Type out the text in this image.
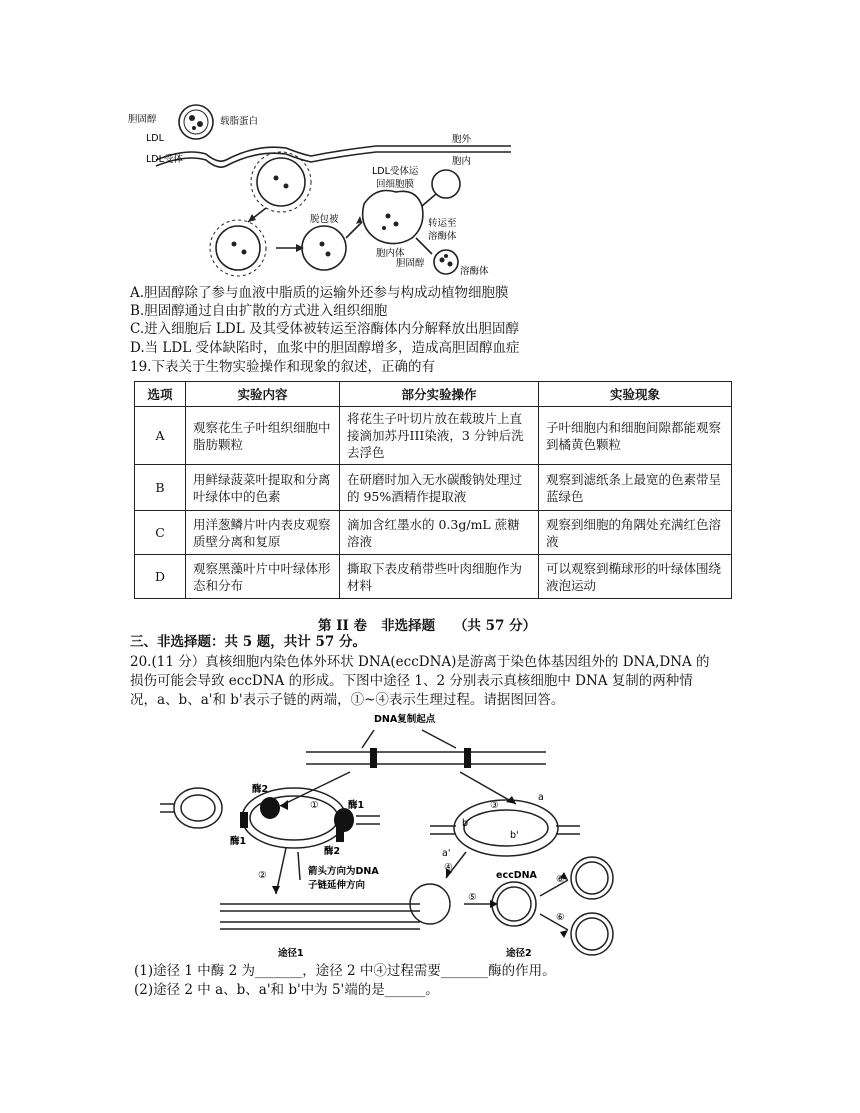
胆固醇	载脂蛋白
LDL
LDL受体
胞外
胞内
LDL受体运
回细胞膜
脱包被
胞内体
转运至
溶酶体
胆固醇
溶酶体
A.胆固醇除了参与血液中脂质的运输外还参与构成动植物细胞膜
B.胆固醇通过自由扩散的方式进入组织细胞
C.进入细胞后 LDL 及其受体被转运至溶酶体内分解释放出胆固醇
D.当 LDL 受体缺陷时，血浆中的胆固醇增多，造成高胆固醇血症
19.下表关于生物实验操作和现象的叙述，正确的有
选项	实验内容	部分实验操作	实验现象
A	观察花生子叶组织细胞中脂肪颗粒	将花生子叶切片放在载玻片上直接滴加苏丹III染液，3 分钟后洗去浮色	子叶细胞内和细胞间隙都能观察到橘黄色颗粒
B	用鲜绿菠菜叶提取和分离叶绿体中的色素	在研磨时加入无水碳酸钠处理过的 95%酒精作提取液	观察到滤纸条上最宽的色素带呈蓝绿色
C	用洋葱鳞片叶内表皮观察质壁分离和复原	滴加含红墨水的 0.3g/mL 蔗糖溶液	观察到细胞的角隅处充满红色溶液
D	观察黑藻叶片中叶绿体形态和分布	撕取下表皮稍带些叶肉细胞作为材料	可以观察到椭球形的叶绿体围绕液泡运动
第 II 卷   非选择题    （共 57 分）
三、非选择题：共 5 题，共计 57 分。
20.(11 分）真核细胞内染色体外环状 DNA(eccDNA)是游离于染色体基因组外的 DNA,DNA 的
损伤可能会导致 eccDNA 的形成。下图中途径 1、2 分别表示真核细胞中 DNA 复制的两种情
况，a、b、a'和 b'表示子链的两端，①~④表示生理过程。请据图回答。
DNA复制起点
①	③
酶2
酶1
酶1
酶2
②	箭头方向为DNA
子链延伸方向
途径1
a
b
b'
a'
④
eccDNA
⑤
⑥
⑥
途径2
(1)途径 1 中酶 2 为_______，途径 2 中④过程需要_______酶的作用。
(2)途径 2 中 a、b、a'和 b'中为 5'端的是______。
